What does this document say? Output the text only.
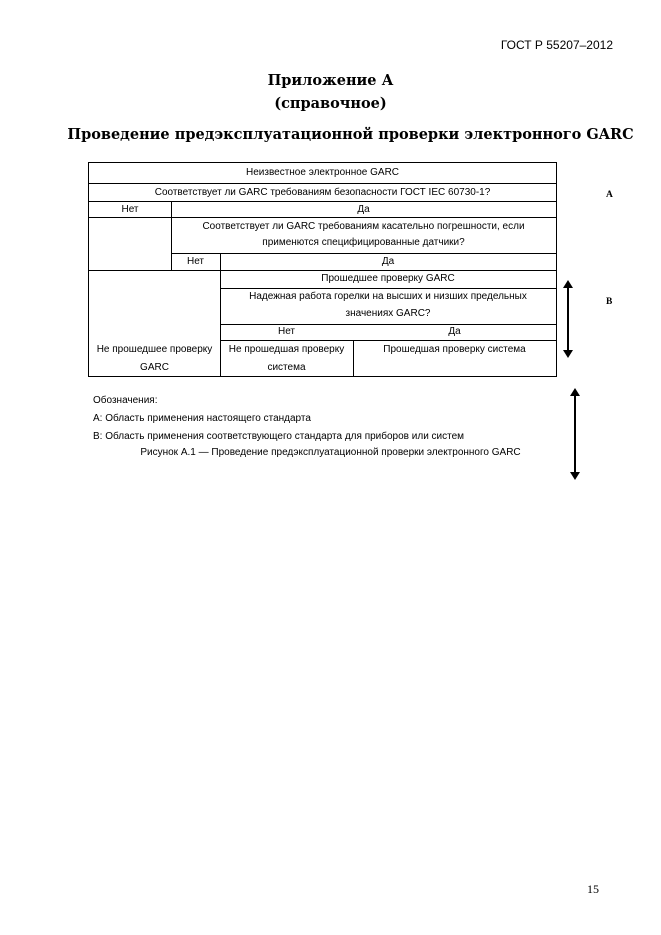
ГОСТ Р 55207–2012
Приложение А
(справочное)
Проведение предэксплуатационной проверки электронного GARC
Неизвестное электронное GARC
Соответствует ли GARC требованиям безопасности ГОСТ IEC 60730-1?
Нет	Да
Соответствует ли GARC требованиям касательно погрешности, если
применются специфицированные датчики?
Нет	Да
Прошедшее проверку GARC
Надежная работа горелки на высших и низших предельных
значениях GARC?
Нет	Да
Не прошедшее проверку
GARC
Не прошедшая проверку
система
Прошедшая проверку система
A
B
Обозначения:
А: Область применения настоящего стандарта
В: Область применения соответствующего стандарта для приборов или систем
Рисунок А.1 — Проведение предэксплуатационной проверки электронного GARC
15
